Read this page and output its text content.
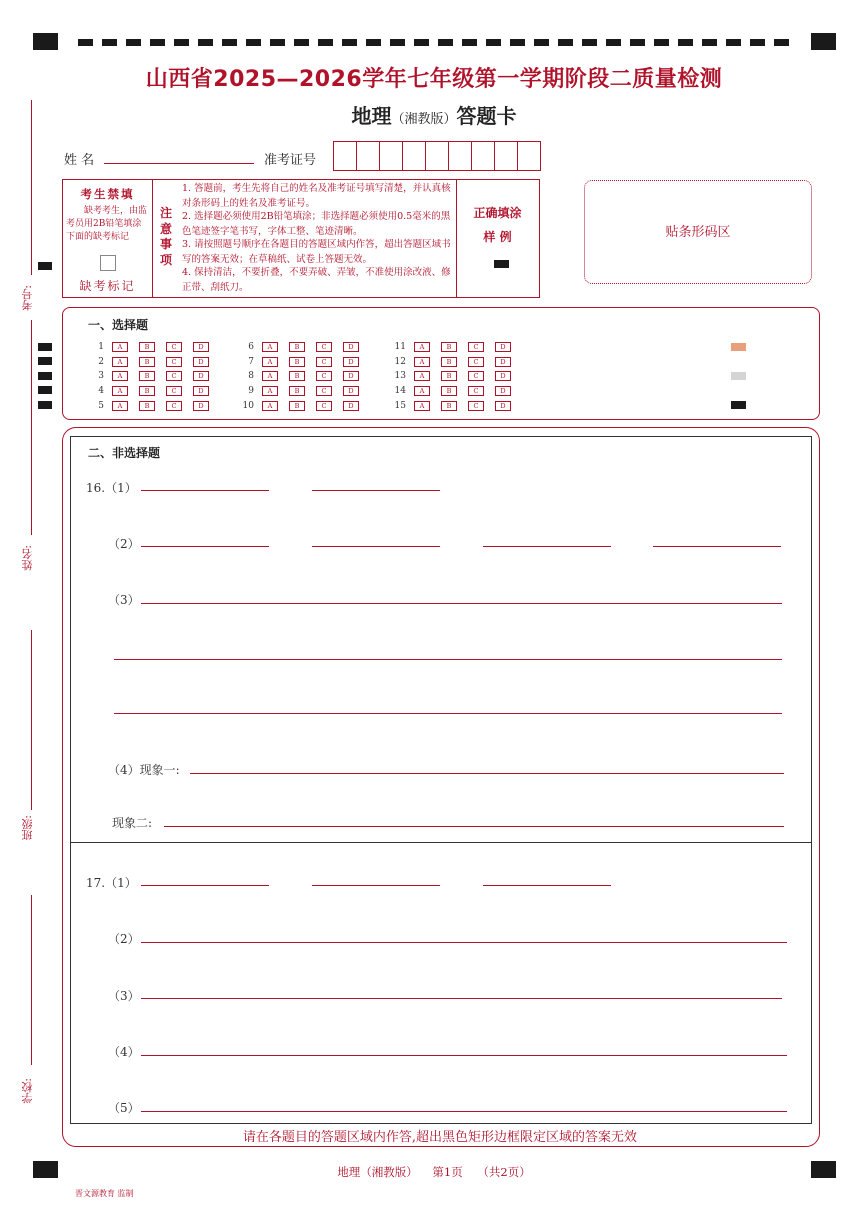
考号:
姓名:
班级:
学校:
山西省2025—2026学年七年级第一学期阶段二质量检测
地理（湘教版）答题卡
姓 名	准考证号
考生禁填
缺考考生，由监考员用2B铅笔填涂下面的缺考标记
缺考标记
注意事项
1. 答题前，考生先将自己的姓名及准考证号填写清楚，并认真核对条形码上的姓名及准考证号。
2. 选择题必须使用2B铅笔填涂；非选择题必须使用0.5毫米的黑色笔迹签字笔书写，字体工整、笔迹清晰。
3. 请按照题号顺序在各题目的答题区域内作答，超出答题区域书写的答案无效；在草稿纸、试卷上答题无效。
4. 保持清洁，不要折叠，不要弄破、弄皱，不准使用涂改液、修正带、刮纸刀。
正确填涂
样 例	贴条形码区
一、选择题
1	A	B	C	D
2	A	B	C	D
3	A	B	C	D
4	A	B	C	D
5	A	B	C	D
6	A	B	C	D
7	A	B	C	D
8	A	B	C	D
9	A	B	C	D
10	A	B	C	D
11	A	B	C	D
12	A	B	C	D
13	A	B	C	D
14	A	B	C	D
15	A	B	C	D
二、非选择题
16.（1）
（2）
（3）
（4）现象一:
现象二:
17.（1）
（2）
（3）
（4）
（5）
请在各题目的答题区域内作答,超出黑色矩形边框限定区域的答案无效
地理（湘教版） 第1页 （共2页）
晋文源教育 监制
